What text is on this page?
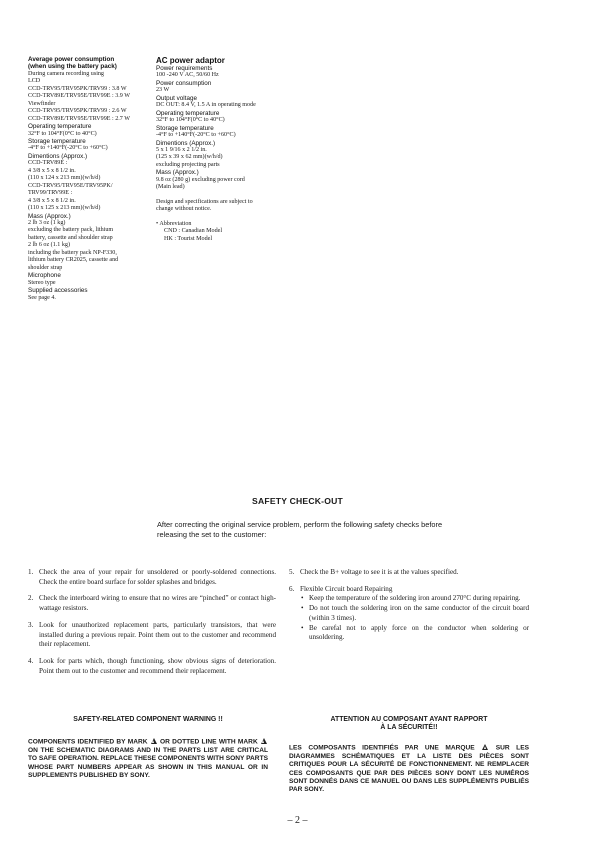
Average power consumption
(when using the battery pack)
During camera recording using
LCD
CCD-TRV95/TRV95PK/TRV99 : 3.8 W
CCD-TRV89E/TRV95E/TRV99E : 3.9 W
Viewfinder
CCD-TRV95/TRV95PK/TRV99 : 2.6 W
CCD-TRV89E/TRV95E/TRV99E : 2.7 W
Operating temperature
32°F to 104°F(0°C to 40°C)
Storage temperature
-4°F to +140°F(-20°C to +60°C)
Dimentions (Approx.)
CCD-TRV89E :
4 3/8 x 5 x 8 1/2 in.
(110 x 124 x 213 mm)(w/h/d)
CCD-TRV95/TRV95E/TRV95PK/
TRV99/TRV99E :
4 3/8 x 5 x 8 1/2 in.
(110 x 125 x 213 mm)(w/h/d)
Mass (Approx.)
2 lb 3 oz (1 kg)
excluding the battery pack, lithium
battery, cassette and shoulder strap
2 lb 6 oz (1.1 kg)
including the battery pack NP-F330,
lithium battery CR2025, cassette and
shoulder strap
Microphone
Stereo type
Supplied accessories
See page 4.
AC power adaptor
Power requirements
100 -240 V AC, 50/60 Hz
Power consumption
23 W
Output voltage
DC OUT: 8.4 V, 1.5 A in operating mode
Operating temperature
32°F to 104°F(0°C to 40°C)
Storage temperature
-4°F to +140°F(-20°C to +60°C)
Dimentions (Approx.)
5 x 1 9/16 x 2 1/2 in.
(125 x 39 x 62 mm)(w/h/d)
excluding projecting parts
Mass (Approx.)
9.8 oz (280 g) excluding power cord
(Main lead)
Design and specifications are subject to
change without notice.
• Abbreviation
CND : Canadian Model
HK : Tourist Model
SAFETY CHECK-OUT
After correcting the original service problem, perform the following safety checks before releasing the set to the customer:
1. Check the area of your repair for unsoldered or poorly-soldered connections. Check the entire board surface for solder splashes and bridges.
2. Check the interboard wiring to ensure that no wires are “pinched” or contact high-wattage resistors.
3. Look for unauthorized replacement parts, particularly transistors, that were installed during a previous repair. Point them out to the customer and recommend their replacement.
4. Look for parts which, though functioning, show obvious signs of deterioration. Point them out to the customer and recommend their replacement.
5. Check the B+ voltage to see it is at the values specified.
6. Flexible Circuit board Repairing
• Keep the temperature of the soldering iron around 270°C during repairing.
• Do not touch the soldering iron on the same conductor of the circuit board (within 3 times).
• Be carefal not to apply force on the conductor when soldering or unsoldering.
SAFETY-RELATED COMPONENT WARNING !!
COMPONENTS IDENTIFIED BY MARK OR DOTTED LINE WITH MARK  ON THE SCHEMATIC DIAGRAMS AND IN THE PARTS LIST ARE CRITICAL TO SAFE OPERATION. REPLACE THESE COMPONENTS WITH SONY PARTS WHOSE PART NUMBERS APPEAR AS SHOWN IN THIS MANUAL OR IN SUPPLEMENTS PUBLISHED BY SONY.
ATTENTION AU COMPOSANT AYANT RAPPORT
À LA SÉCURITÉ!!
LES COMPOSANTS IDENTIFIÉS PAR UNE MARQUE	SUR LES DIAGRAMMES SCHÉMATIQUES ET LA LISTE DES PIÈCES SONT CRITIQUES POUR LA SÉCURITÉ DE FONCTIONNEMENT. NE REMPLACER CES COMPOSANTS QUE PAR DES PIÈCES SONY DONT LES NUMÉROS SONT DONNÉS DANS CE MANUEL OU DANS LES SUPPLÉMENTS PUBLIÉS PAR SONY.
– 2 –
